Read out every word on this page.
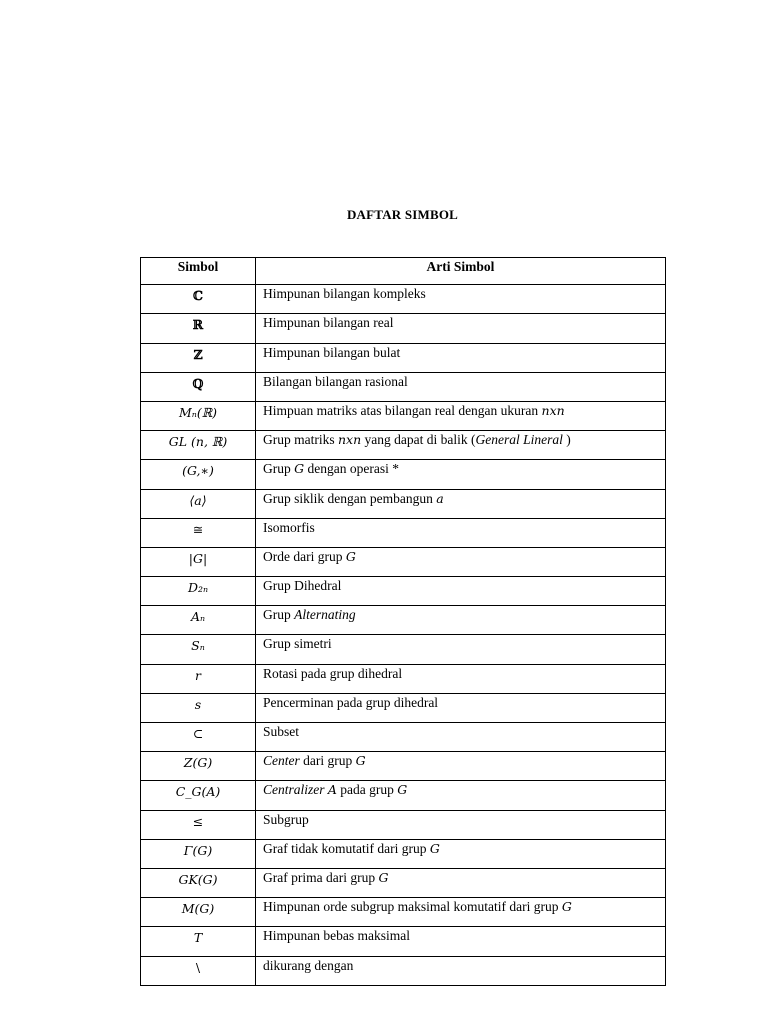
DAFTAR SIMBOL
Simbol	Arti Simbol
ℂ	Himpunan bilangan kompleks
ℝ	Himpunan bilangan real
ℤ	Himpunan bilangan bulat
ℚ	Bilangan bilangan rasional
Mₙ(ℝ)	Himpuan matriks atas bilangan real dengan ukuran nxn
GL (n, ℝ)	Grup matriks nxn yang dapat di balik (General Lineral )
(G,∗)	Grup G dengan operasi *
⟨a⟩	Grup siklik dengan pembangun a
≅	Isomorfis
|G|	Orde dari grup G
D₂ₙ	Grup Dihedral
Aₙ	Grup Alternating
Sₙ	Grup simetri
r	Rotasi pada grup dihedral
s	Pencerminan pada grup dihedral
⊂	Subset
Z(G)	Center dari grup G
C_G(A)	Centralizer A pada grup G
≤	Subgrup
Γ(G)	Graf tidak komutatif dari grup G
GK(G)	Graf prima dari grup G
M(G)	Himpunan orde subgrup maksimal komutatif dari grup G
T	Himpunan bebas maksimal
\	dikurang dengan
